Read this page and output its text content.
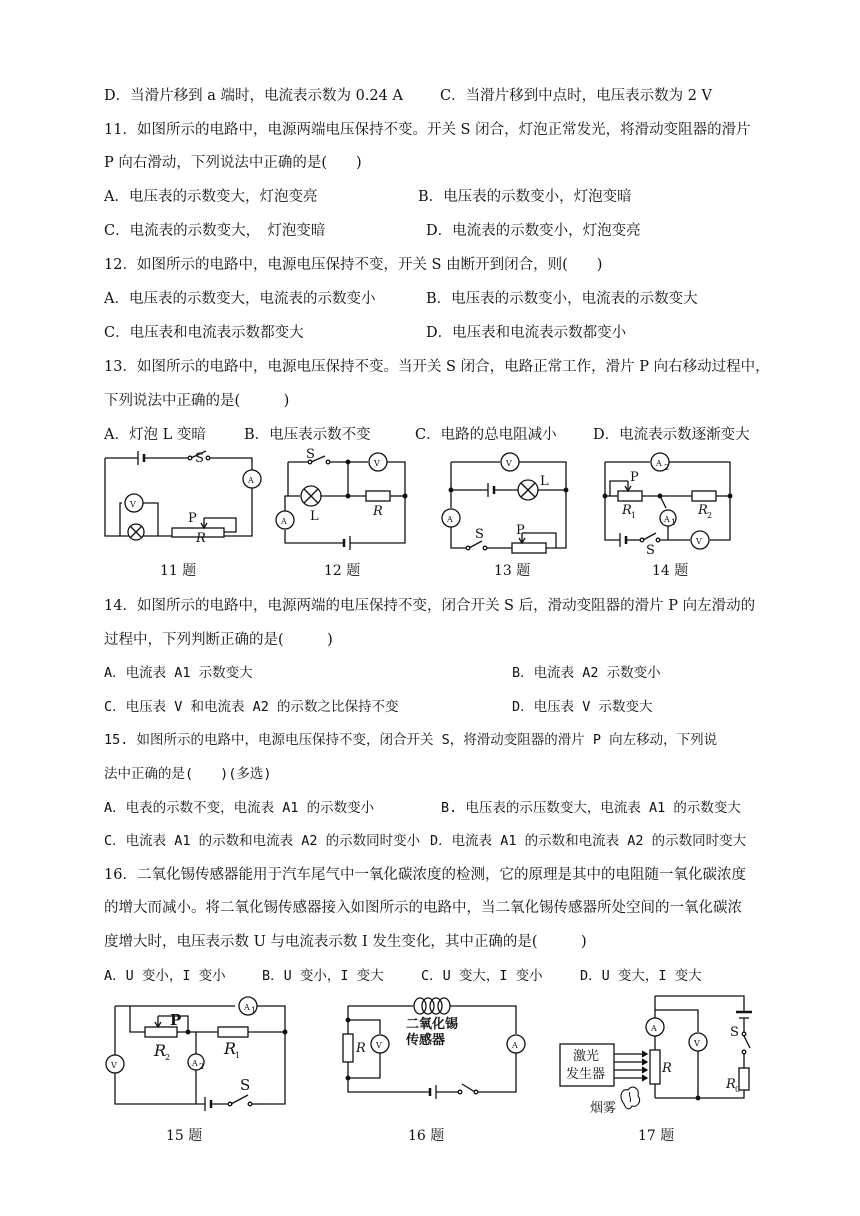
D．当滑片移到 a 端时，电流表示数为 0.24 A	C．当滑片移到中点时，电压表示数为 2 V
11．如图所示的电路中，电源两端电压保持不变。开关 S 闭合，灯泡正常发光，将滑动变阻器的滑片
P 向右滑动，下列说法中正确的是(　　)
A．电压表的示数变大，灯泡变亮	B．电压表的示数变小，灯泡变暗
C．电流表的示数变大，　灯泡变暗	D．电流表的示数变小，灯泡变亮
12．如图所示的电路中，电源电压保持不变，开关 S 由断开到闭合，则(　　)
A．电压表的示数变大，电流表的示数变小	B．电压表的示数变小，电流表的示数变大
C．电压表和电流表示数都变大	D．电压表和电流表示数都变小
13．如图所示的电路中，电源电压保持不变。当开关 S 闭合，电路正常工作，滑片 P 向右移动过程中，
下列说法中正确的是(　　　)
A．灯泡 L 变暗	B．电压表示数不变	C．电路的总电阻减小	D．电流表示数逐渐变大
P
R
S
A
V
11 题
S
L	R
V
A
12 题
L
S P
V
A
13 题
A 2
A 1
V
P
R 1	R 2
S
14 题
14．如图所示的电路中，电源两端的电压保持不变，闭合开关 S 后，滑动变阻器的滑片 P 向左滑动的
过程中，下列判断正确的是(　　　)
A．电流表 A1 示数变大	B．电流表 A2 示数变小
C．电压表 V 和电流表 A2 的示数之比保持不变	D．电压表 V 示数变大
15. 如图所示的电路中，电源电压保持不变，闭合开关 S，将滑动变阻器的滑片 P 向左移动，下列说
法中正确的是(　　)(多选)
A．电表的示数不变，电流表 A1 的示数变小	B. 电压表的示压数变大，电流表 A1 的示数变大
C．电流表 A1 的示数和电流表 A2 的示数同时变小 D．电流表 A1 的示数和电流表 A2 的示数同时变大
16．二氧化锡传感器能用于汽车尾气中一氧化碳浓度的检测，它的原理是其中的电阻随一氧化碳浓度
的增大而减小。将二氧化锡传感器接入如图所示的电路中，当二氧化锡传感器所处空间的一氧化碳浓
度增大时，电压表示数 U 与电流表示数 I 发生变化，其中正确的是(　　　)
A．U 变小，I 变小	B．U 变小，I 变大	C．U 变大，I 变小	D．U 变大，I 变大
A 1
A 2
V
P
R
2	R
1
S
15 题
R V	A
二氧化锡
传感器
16 题
R
A
V
S
R 0
激光
发生器
烟雾
17 题
